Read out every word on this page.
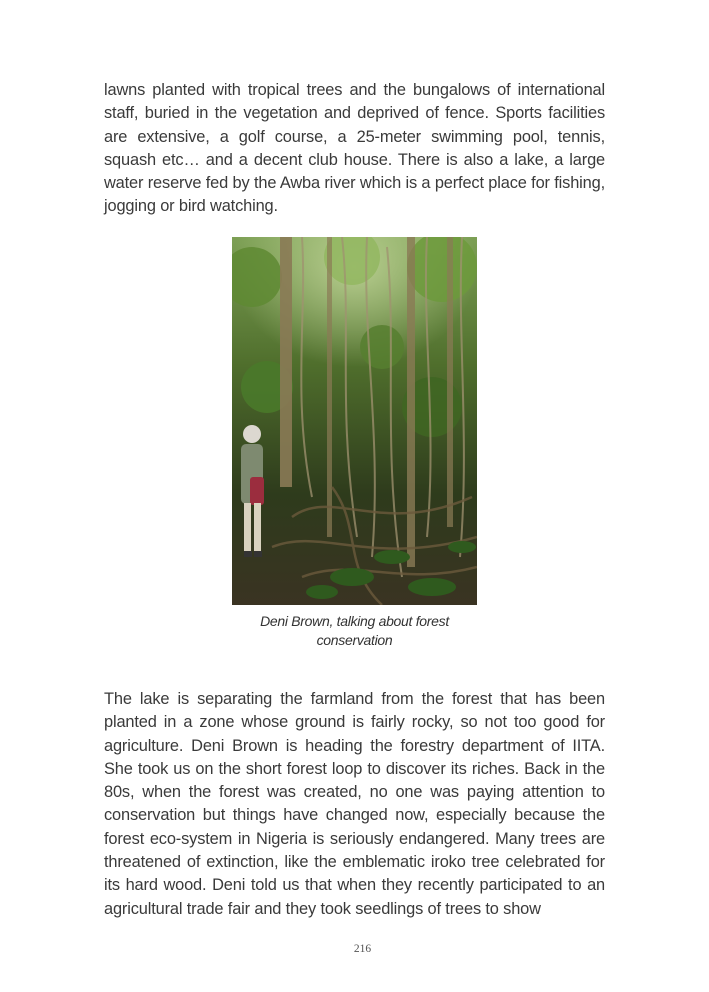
lawns planted with tropical trees and the bungalows of international staff, buried in the vegetation and deprived of fence. Sports facilities are extensive, a golf course, a 25-meter swimming pool, tennis, squash etc… and a decent club house. There is also a lake, a large water reserve fed by the Awba river which is a perfect place for fishing, jogging or bird watching.

Deni Brown, talking about forest
conservation

The lake is separating the farmland from the forest that has been planted in a zone whose ground is fairly rocky, so not too good for agriculture. Deni Brown is heading the forestry department of IITA. She took us on the short forest loop to discover its riches. Back in the 80s, when the forest was created, no one was paying attention to conservation but things have changed now, especially because the forest eco-system in Nigeria is seriously endangered. Many trees are threatened of extinction, like the emblematic iroko tree celebrated for its hard wood. Deni told us that when they recently participated to an agricultural trade fair and they took seedlings of trees to show

216
